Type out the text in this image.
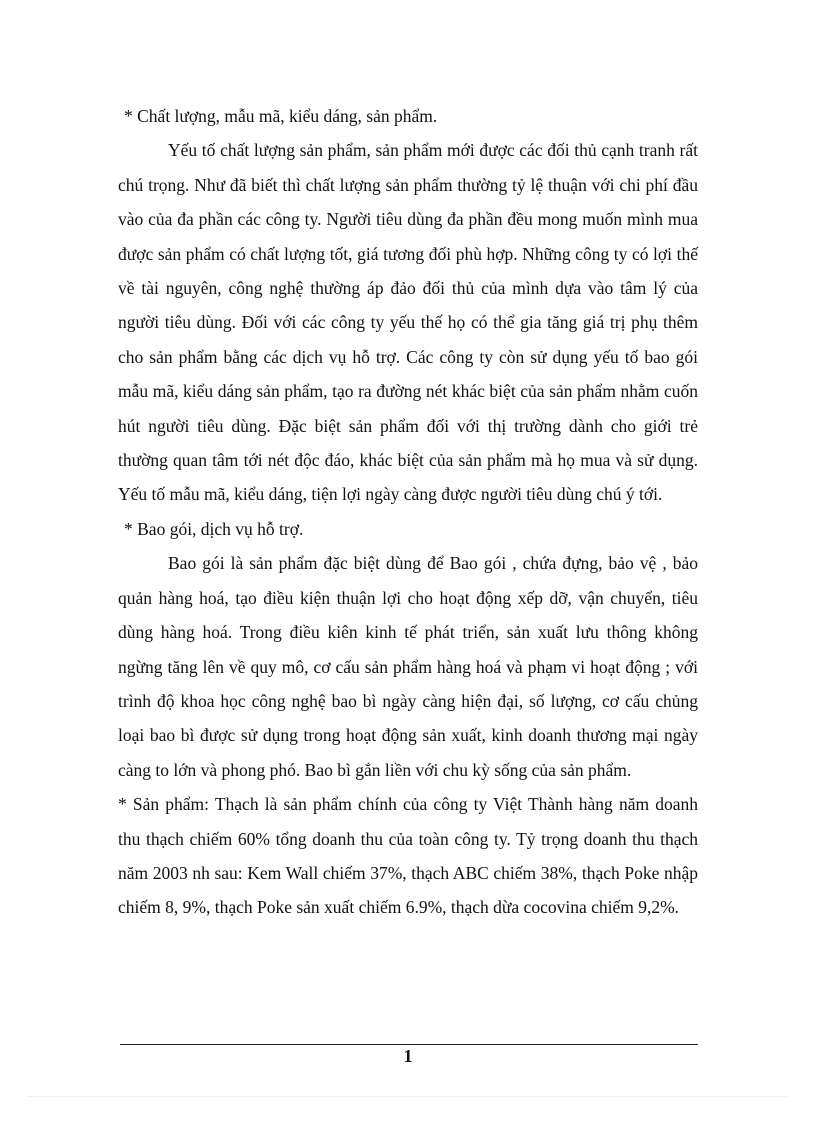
* Chất lượng, mẫu mã, kiểu dáng, sản phẩm.

Yếu tố chất lượng sản phẩm, sản phẩm mới được các đối thủ cạnh tranh rất chú trọng. Như đã biết thì chất lượng sản phẩm thường tỷ lệ thuận với chi phí đầu vào của đa phần các công ty. Người tiêu dùng đa phần đều mong muốn mình mua được sản phẩm có chất lượng tốt, giá tương đối phù hợp. Những công ty có lợi thế về tài nguyên, công nghệ thường áp đảo đối thủ của mình dựa vào tâm lý của người tiêu dùng. Đối với các công ty yếu thế họ có thể gia tăng giá trị phụ thêm cho sản phẩm bằng các dịch vụ hỗ trợ. Các công ty còn sử dụng yếu tố bao gói mẫu mã, kiểu dáng sản phẩm, tạo ra đường nét khác biệt của sản phẩm nhằm cuốn hút người tiêu dùng. Đặc biệt sản phẩm đối với thị trường dành cho giới trẻ thường quan tâm tới nét độc đáo, khác biệt của sản phẩm mà họ mua và sử dụng. Yếu tố mẫu mã, kiểu dáng, tiện lợi ngày càng được người tiêu dùng chú ý tới.

* Bao gói, dịch vụ hỗ trợ.

Bao gói là sản phẩm đặc biệt dùng để Bao gói , chứa đựng, bảo vệ , bảo quản hàng hoá, tạo điều kiện thuận lợi cho hoạt động xếp dỡ, vận chuyển, tiêu dùng hàng hoá. Trong điều kiên kinh tế phát triển, sản xuất lưu thông không ngừng tăng lên về quy mô, cơ cấu sản phẩm hàng hoá và phạm vi hoạt động ; với trình độ khoa học công nghệ bao bì ngày càng hiện đại, số lượng, cơ cấu chủng loại bao bì được sử dụng trong hoạt động sản xuất, kinh doanh thương mại ngày càng to lớn và phong phó. Bao bì gắn liền với chu kỳ sống của sản phẩm.

* Sản phẩm: Thạch là sản phẩm chính của công ty Việt Thành hàng năm doanh thu thạch chiếm 60% tổng doanh thu của toàn công ty. Tỷ trọng doanh thu thạch năm 2003 nh sau: Kem Wall chiếm 37%, thạch ABC chiếm 38%, thạch Poke nhập chiếm 8, 9%, thạch Poke sản xuất chiếm 6.9%, thạch dừa cocovina chiếm 9,2%.

1
